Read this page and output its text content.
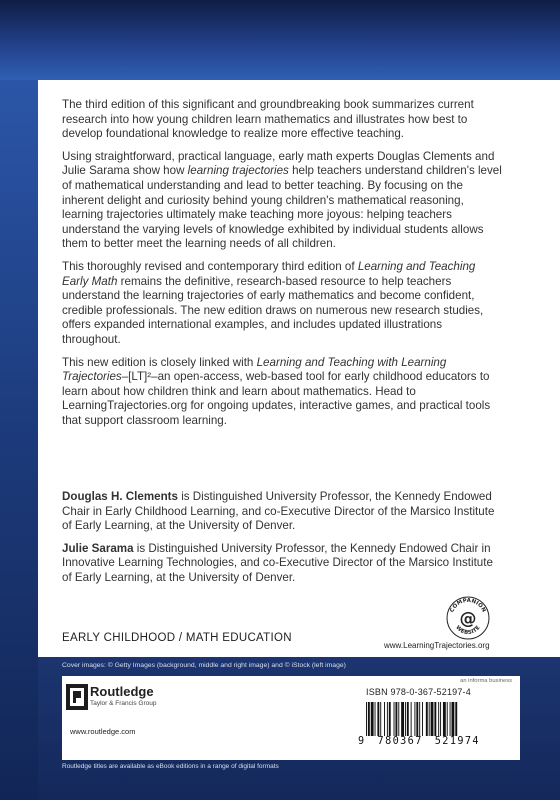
The third edition of this significant and groundbreaking book summarizes current research into how young children learn mathematics and illustrates how best to develop foundational knowledge to realize more effective teaching.

Using straightforward, practical language, early math experts Douglas Clements and Julie Sarama show how learning trajectories help teachers understand children's level of mathematical understanding and lead to better teaching. By focusing on the inherent delight and curiosity behind young children's mathematical reasoning, learning trajectories ultimately make teaching more joyous: helping teachers understand the varying levels of knowledge exhibited by individual students allows them to better meet the learning needs of all children.

This thoroughly revised and contemporary third edition of Learning and Teaching Early Math remains the definitive, research-based resource to help teachers understand the learning trajectories of early mathematics and become confident, credible professionals. The new edition draws on numerous new research studies, offers expanded international examples, and includes updated illustrations throughout.

This new edition is closely linked with Learning and Teaching with Learning Trajectories–[LT]²–an open-access, web-based tool for early childhood educators to learn about how children think and learn about mathematics. Head to LearningTrajectories.org for ongoing updates, interactive games, and practical tools that support classroom learning.

Douglas H. Clements is Distinguished University Professor, the Kennedy Endowed Chair in Early Childhood Learning, and co-Executive Director of the Marsico Institute of Early Learning, at the University of Denver.

Julie Sarama is Distinguished University Professor, the Kennedy Endowed Chair in Innovative Learning Technologies, and co-Executive Director of the Marsico Institute of Early Learning, at the University of Denver.

EARLY CHILDHOOD / MATH EDUCATION
COMPANION
WEBSITE
@
www.LearningTrajectories.org
Cover images: © Getty Images (background, middle and right image) and © iStock (left image)
an informa business
Routledge
Taylor & Francis Group
www.routledge.com
ISBN 978-0-367-52197-4
9 780367 521974
Routledge titles are available as eBook editions in a range of digital formats
